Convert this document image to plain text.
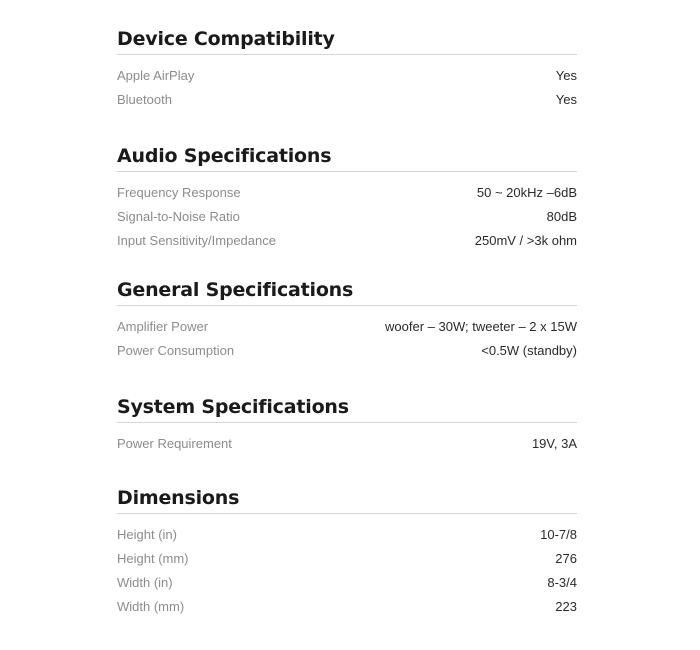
Device Compatibility
Apple AirPlay	Yes
Bluetooth	Yes
Audio Specifications
Frequency Response	50 ~ 20kHz –6dB
Signal-to-Noise Ratio	80dB
Input Sensitivity/Impedance	250mV / >3k ohm
General Specifications
Amplifier Power	woofer – 30W; tweeter – 2 x 15W
Power Consumption	<0.5W (standby)
System Specifications
Power Requirement	19V, 3A
Dimensions
Height (in)	10-7/8
Height (mm)	276
Width (in)	8-3/4
Width (mm)	223
